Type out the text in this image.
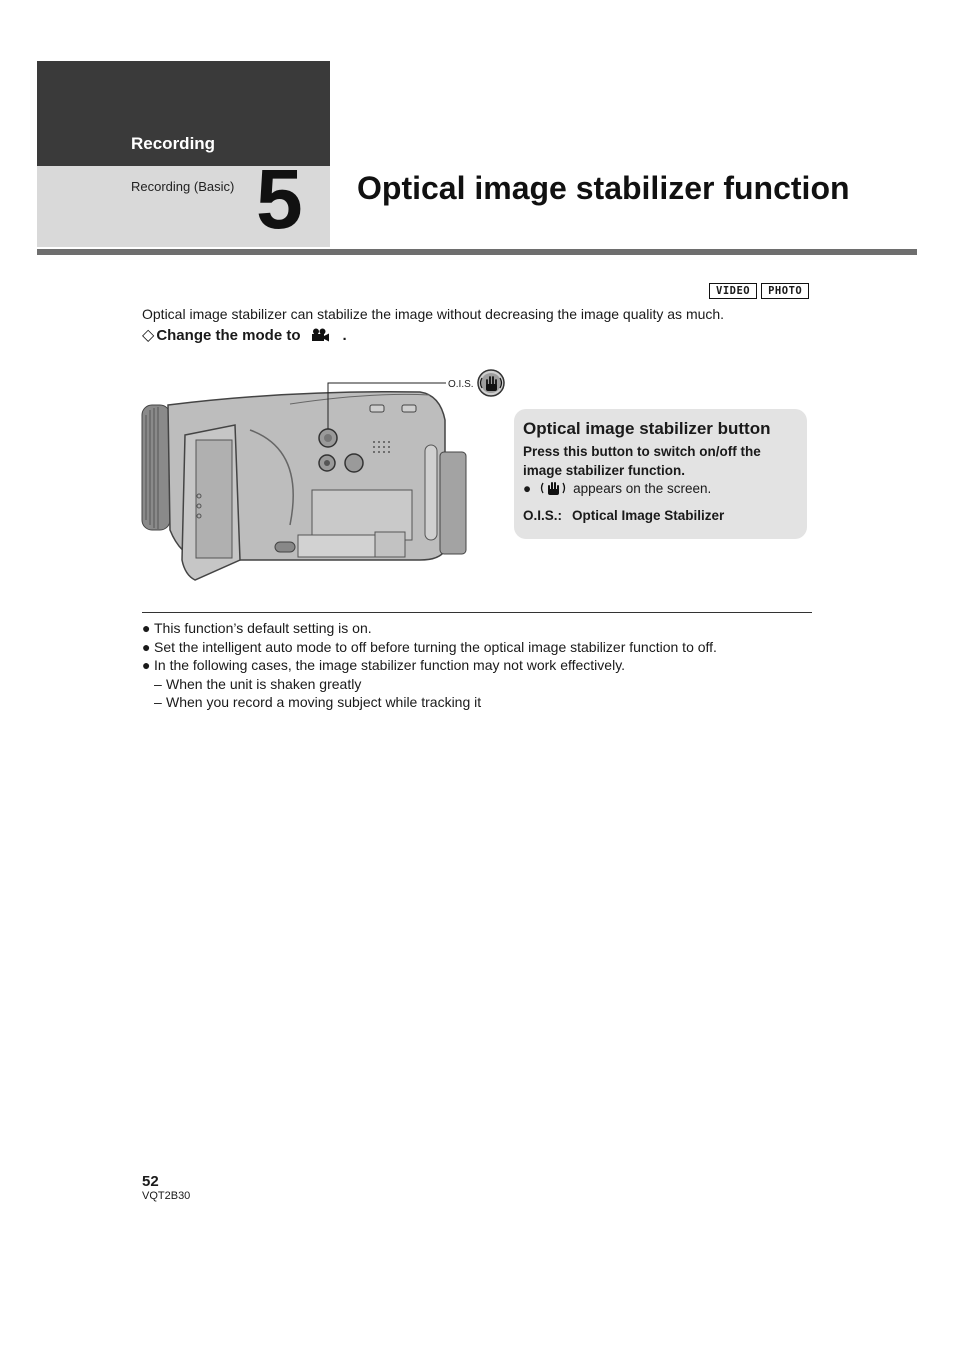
Recording
Recording (Basic) 5 Optical image stabilizer function
VIDEO	PHOTO
Optical image stabilizer can stabilize the image without decreasing the image quality as much.
◇ Change the mode to	.
O.I.S.
Optical image stabilizer button
Press this button to switch on/off the image stabilizer function.
●	appears on the screen.
O.I.S.: Optical Image Stabilizer
● This function’s default setting is on.
● Set the intelligent auto mode to off before turning the optical image stabilizer function to off.
● In the following cases, the image stabilizer function may not work effectively.
– When the unit is shaken greatly
– When you record a moving subject while tracking it
52
VQT2B30
